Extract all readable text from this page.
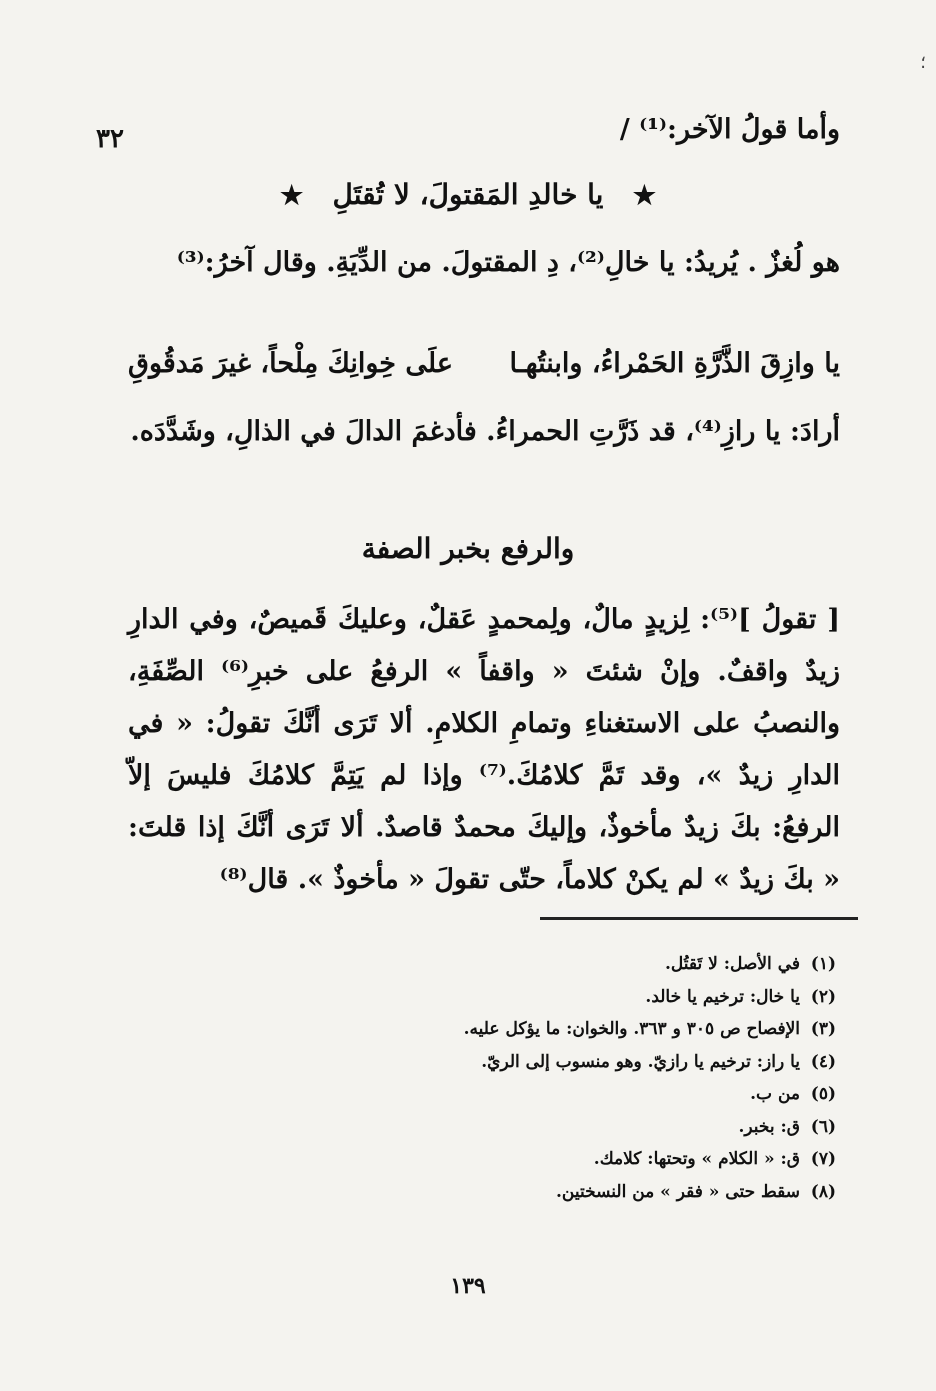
؛
٣٢	وأما قولُ الآخر:⁽¹⁾ /
★   يا خالدِ المَقتولَ، لا تُقتَلِ   ★
هو لُغزٌ . يُريدُ: يا خالِ⁽²⁾، دِ المقتولَ. من الدِّيَةِ. وقال آخرُ:⁽³⁾
يا وازِقَ الذَّرَّةِ الحَمْراءُ، وابنتُهـا
علَى خِوانِكَ مِلْحاً، غيرَ مَدقُوقِ
أرادَ: يا رازِ⁽⁴⁾، قد ذَرَّتِ الحمراءُ. فأدغمَ الدالَ في الذالِ، وشَدَّدَه.
والرفع بخبر الصفة
[ تقولُ ]⁽⁵⁾: لِزيدٍ مالٌ، ولِمحمدٍ عَقلٌ، وعليكَ قَميصٌ، وفي الدارِ زيدٌ واقفٌ. وإنْ شئتَ « واقفاً » الرفعُ على خبرِ⁽⁶⁾ الصِّفَةِ، والنصبُ على الاستغناءِ وتمامِ الكلامِ. ألا تَرَى أنَّكَ تقولُ: « في الدارِ زيدٌ »، وقد تَمَّ كلامُكَ.⁽⁷⁾ وإذا لم يَتِمَّ كلامُكَ فليسَ إلاّ الرفعُ: بكَ زيدٌ مأخوذٌ، وإليكَ محمدٌ قاصدٌ. ألا تَرَى أنَّكَ إذا قلتَ: « بكَ زيدٌ » لم يكنْ كلاماً، حتّى تقولَ « مأخوذٌ ». قال⁽⁸⁾
(١)
في الأصل: لا تَقتُل.
(٢)
يا خال: ترخيم يا خالد.
(٣)
الإفصاح ص ٣٠٥ و ٣٦٣. والخوان: ما يؤكل عليه.
(٤)
يا راز: ترخيم يا رازيّ. وهو منسوب إلى الريّ.
(٥)
من ب.
(٦)
ق: بخبر.
(٧)
ق: « الكلام » وتحتها: كلامك.
(٨)
سقط حتى « فقر » من النسختين.
١٣٩
